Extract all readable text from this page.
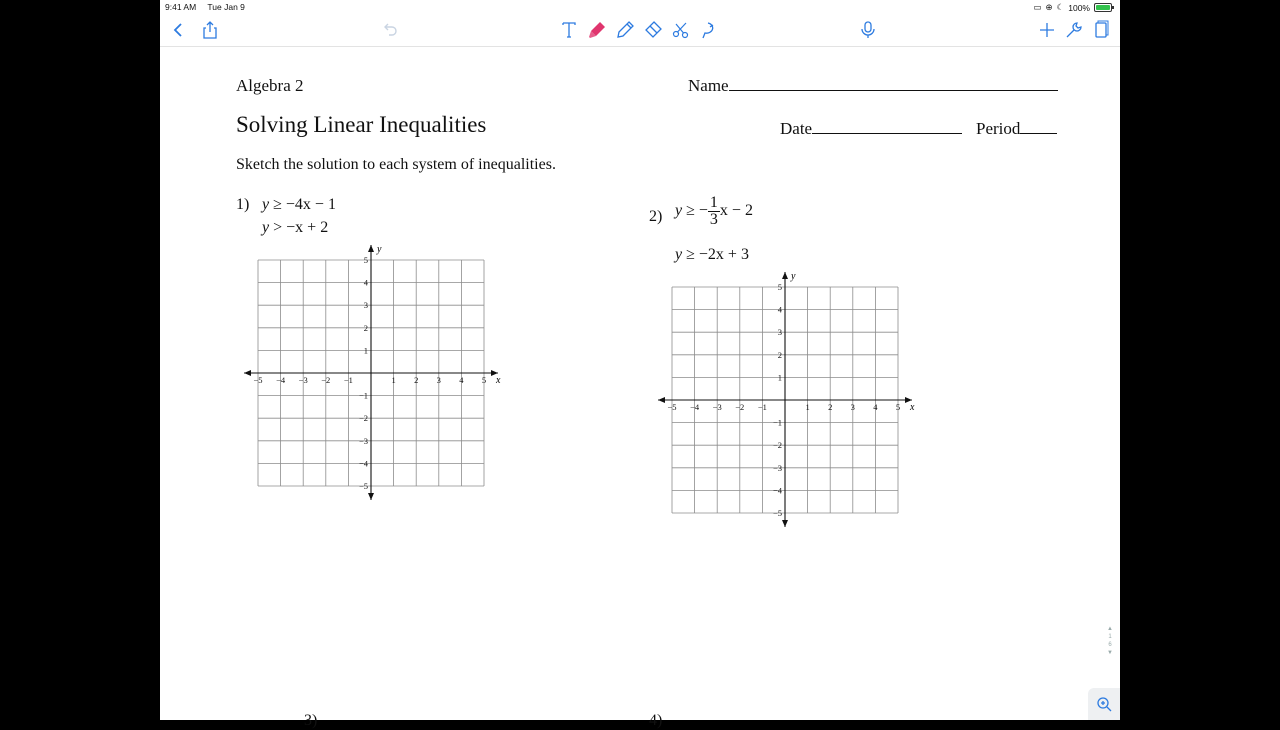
9:41 AM Tue Jan 9	▭ ⊕ ☾ 100%
Algebra 2	Name
Solving Linear Inequalities	Date	Period
Sketch the solution to each system of inequalities.
1) y ≥ −4x − 1
y > −x + 2
2) y ≥ − $\frac{1}{3}$ x − 2
y ≥ −2x + 3
x
y
−5 −4 −3 −2 −1	1 2 3 4 5
5
4
3
2
1
−1
−2
−3
−4
−5
x
y
−5 −4 −3 −2 −1	1 2 3 4 5
5
4
3
2
1
−1
−2
−3
−4
−5
3)	4)
▲
1
6
▼
